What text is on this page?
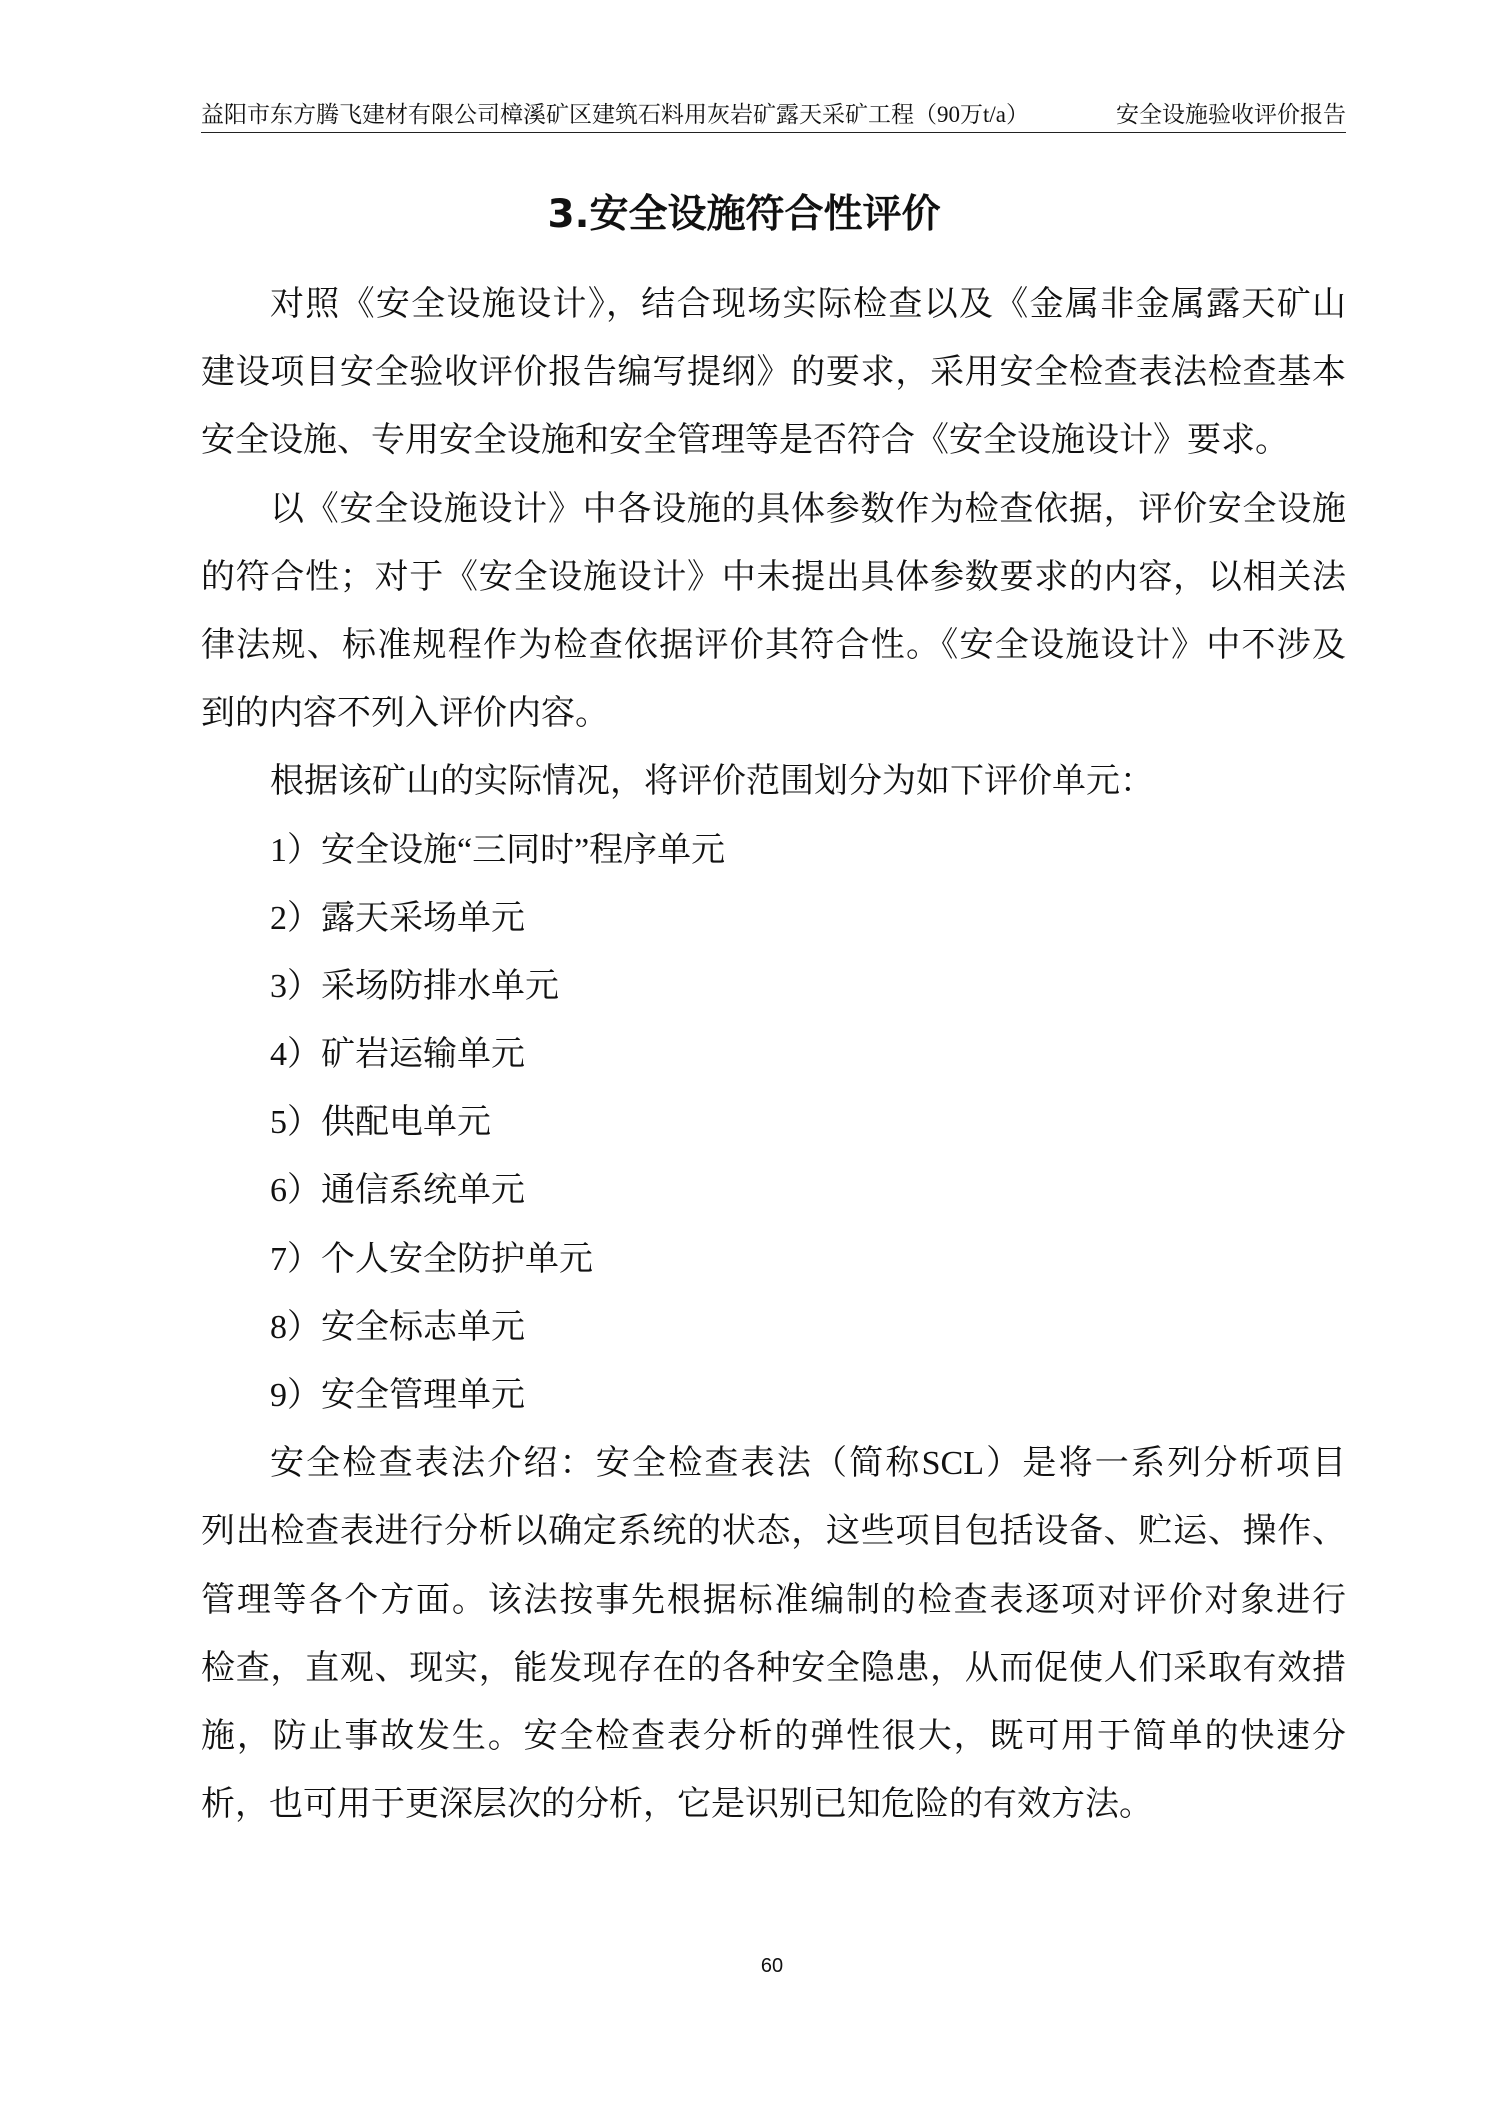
益阳市东方腾飞建材有限公司樟溪矿区建筑石料用灰岩矿露天采矿工程（90万t/a）	安全设施验收评价报告
3.安全设施符合性评价
对照《安全设施设计》，结合现场实际检查以及《金属非金属露天矿山
建设项目安全验收评价报告编写提纲》的要求，采用安全检查表法检查基本
安全设施、专用安全设施和安全管理等是否符合《安全设施设计》要求。
以《安全设施设计》中各设施的具体参数作为检查依据，评价安全设施
的符合性；对于《安全设施设计》中未提出具体参数要求的内容，以相关法
律法规、标准规程作为检查依据评价其符合性。《安全设施设计》中不涉及
到的内容不列入评价内容。
根据该矿山的实际情况，将评价范围划分为如下评价单元：
1）安全设施“三同时”程序单元
2）露天采场单元
3）采场防排水单元
4）矿岩运输单元
5）供配电单元
6）通信系统单元
7）个人安全防护单元
8）安全标志单元
9）安全管理单元
安全检查表法介绍：安全检查表法（简称SCL）是将一系列分析项目
列出检查表进行分析以确定系统的状态，这些项目包括设备、贮运、操作、
管理等各个方面。该法按事先根据标准编制的检查表逐项对评价对象进行
检查，直观、现实，能发现存在的各种安全隐患，从而促使人们采取有效措
施，防止事故发生。安全检查表分析的弹性很大，既可用于简单的快速分
析，也可用于更深层次的分析，它是识别已知危险的有效方法。
60
